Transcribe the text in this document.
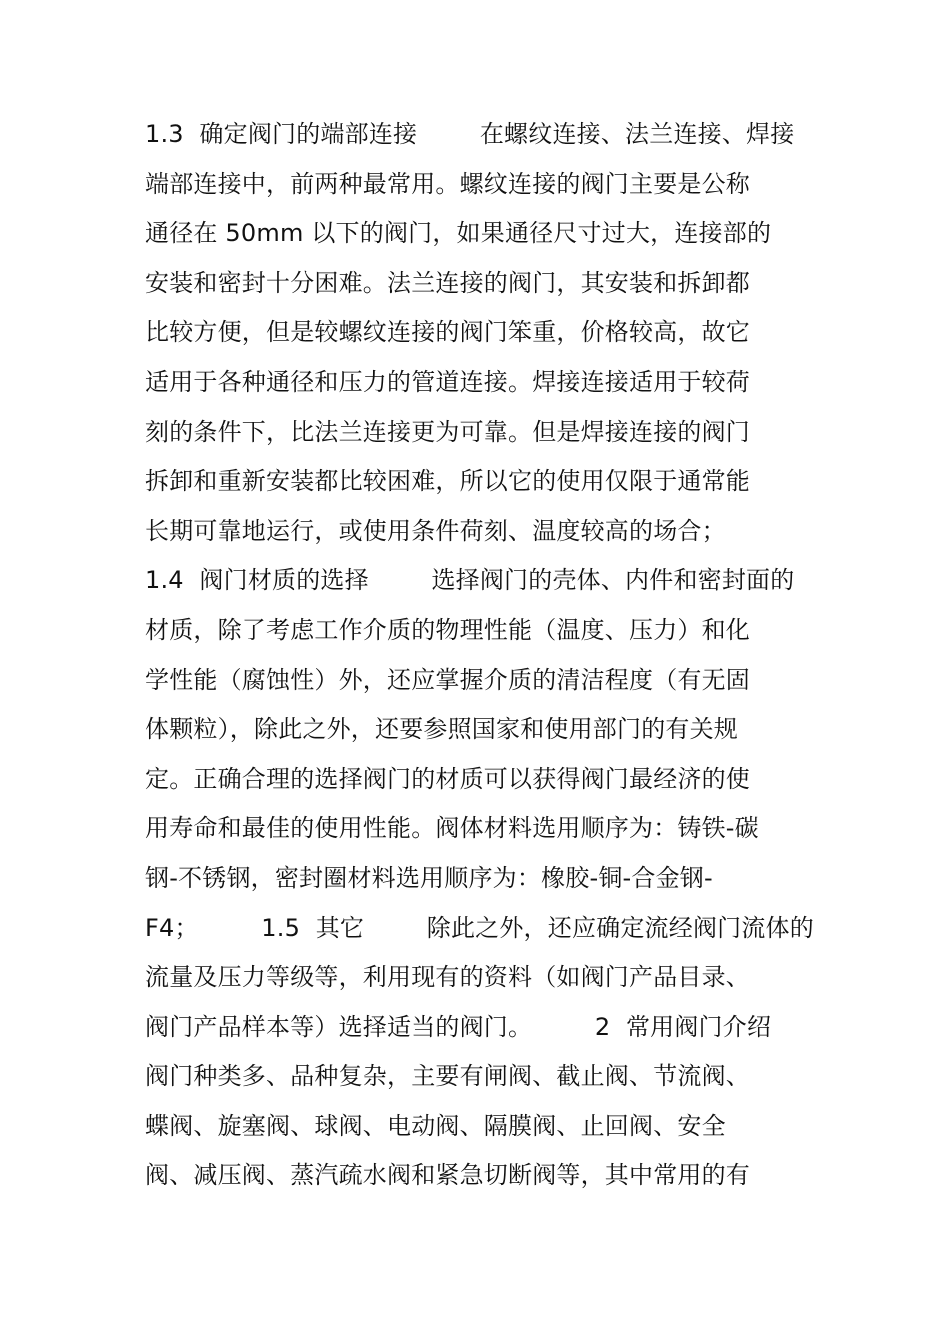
1.3  确定阀门的端部连接        在螺纹连接、法兰连接、焊接
端部连接中，前两种最常用。螺纹连接的阀门主要是公称
通径在 50mm 以下的阀门，如果通径尺寸过大，连接部的
安装和密封十分困难。法兰连接的阀门，其安装和拆卸都
比较方便，但是较螺纹连接的阀门笨重，价格较高，故它
适用于各种通径和压力的管道连接。焊接连接适用于较荷
刻的条件下，比法兰连接更为可靠。但是焊接连接的阀门
拆卸和重新安装都比较困难，所以它的使用仅限于通常能
长期可靠地运行，或使用条件荷刻、温度较高的场合；
1.4  阀门材质的选择        选择阀门的壳体、内件和密封面的
材质，除了考虑工作介质的物理性能（温度、压力）和化
学性能（腐蚀性）外，还应掌握介质的清洁程度（有无固
体颗粒），除此之外，还要参照国家和使用部门的有关规
定。正确合理的选择阀门的材质可以获得阀门最经济的使
用寿命和最佳的使用性能。阀体材料选用顺序为：铸铁-碳
钢-不锈钢，密封圈材料选用顺序为：橡胶-铜-合金钢-
F4；        1.5  其它        除此之外，还应确定流经阀门流体的
流量及压力等级等，利用现有的资料（如阀门产品目录、
阀门产品样本等）选择适当的阀门。        2  常用阀门介绍
阀门种类多、品种复杂，主要有闸阀、截止阀、节流阀、
蝶阀、旋塞阀、球阀、电动阀、隔膜阀、止回阀、安全
阀、减压阀、蒸汽疏水阀和紧急切断阀等，其中常用的有
